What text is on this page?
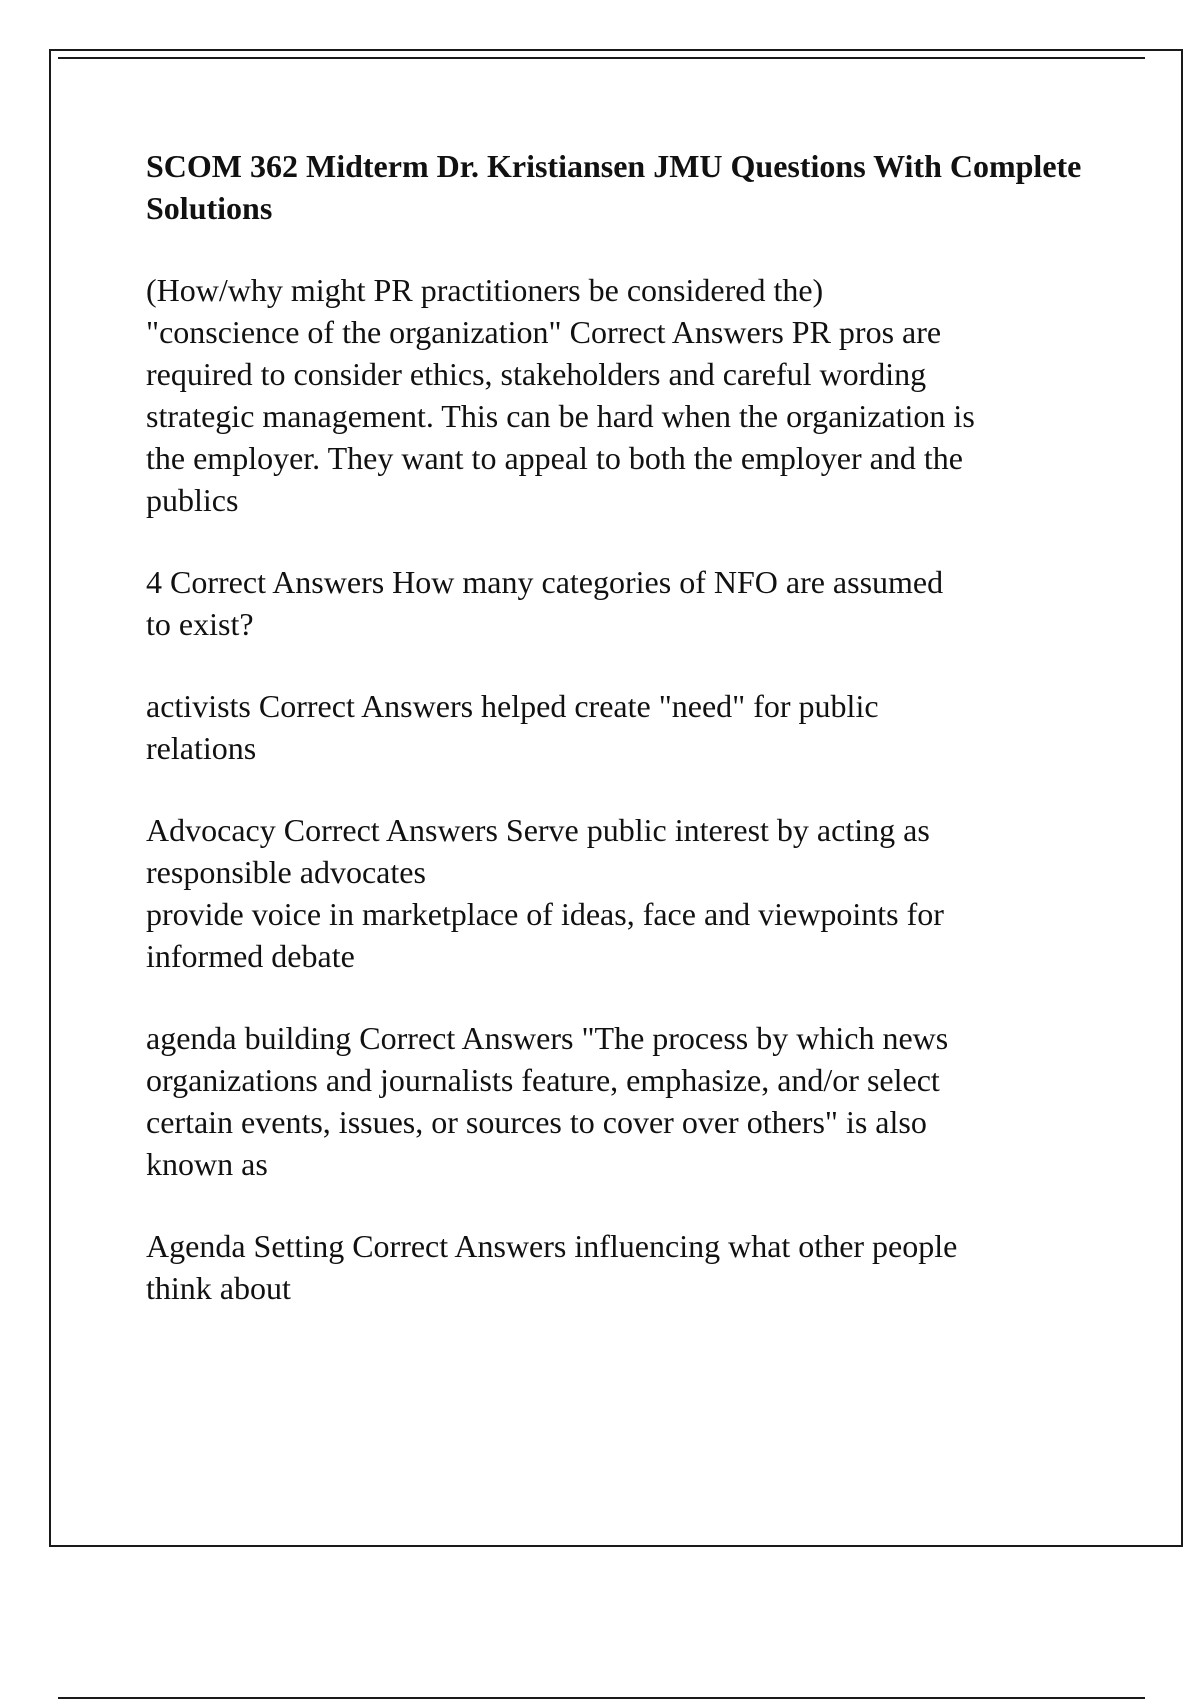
SCOM 362 Midterm Dr. Kristiansen JMU Questions With Complete Solutions

(How/why might PR practitioners be considered the)
"conscience of the organization" Correct Answers PR pros are
required to consider ethics, stakeholders and careful wording
strategic management. This can be hard when the organization is
the employer. They want to appeal to both the employer and the
publics

4 Correct Answers How many categories of NFO are assumed
to exist?

activists Correct Answers helped create "need" for public
relations

Advocacy Correct Answers Serve public interest by acting as
responsible advocates
provide voice in marketplace of ideas, face and viewpoints for
informed debate

agenda building Correct Answers "The process by which news
organizations and journalists feature, emphasize, and/or select
certain events, issues, or sources to cover over others" is also
known as

Agenda Setting Correct Answers influencing what other people
think about
